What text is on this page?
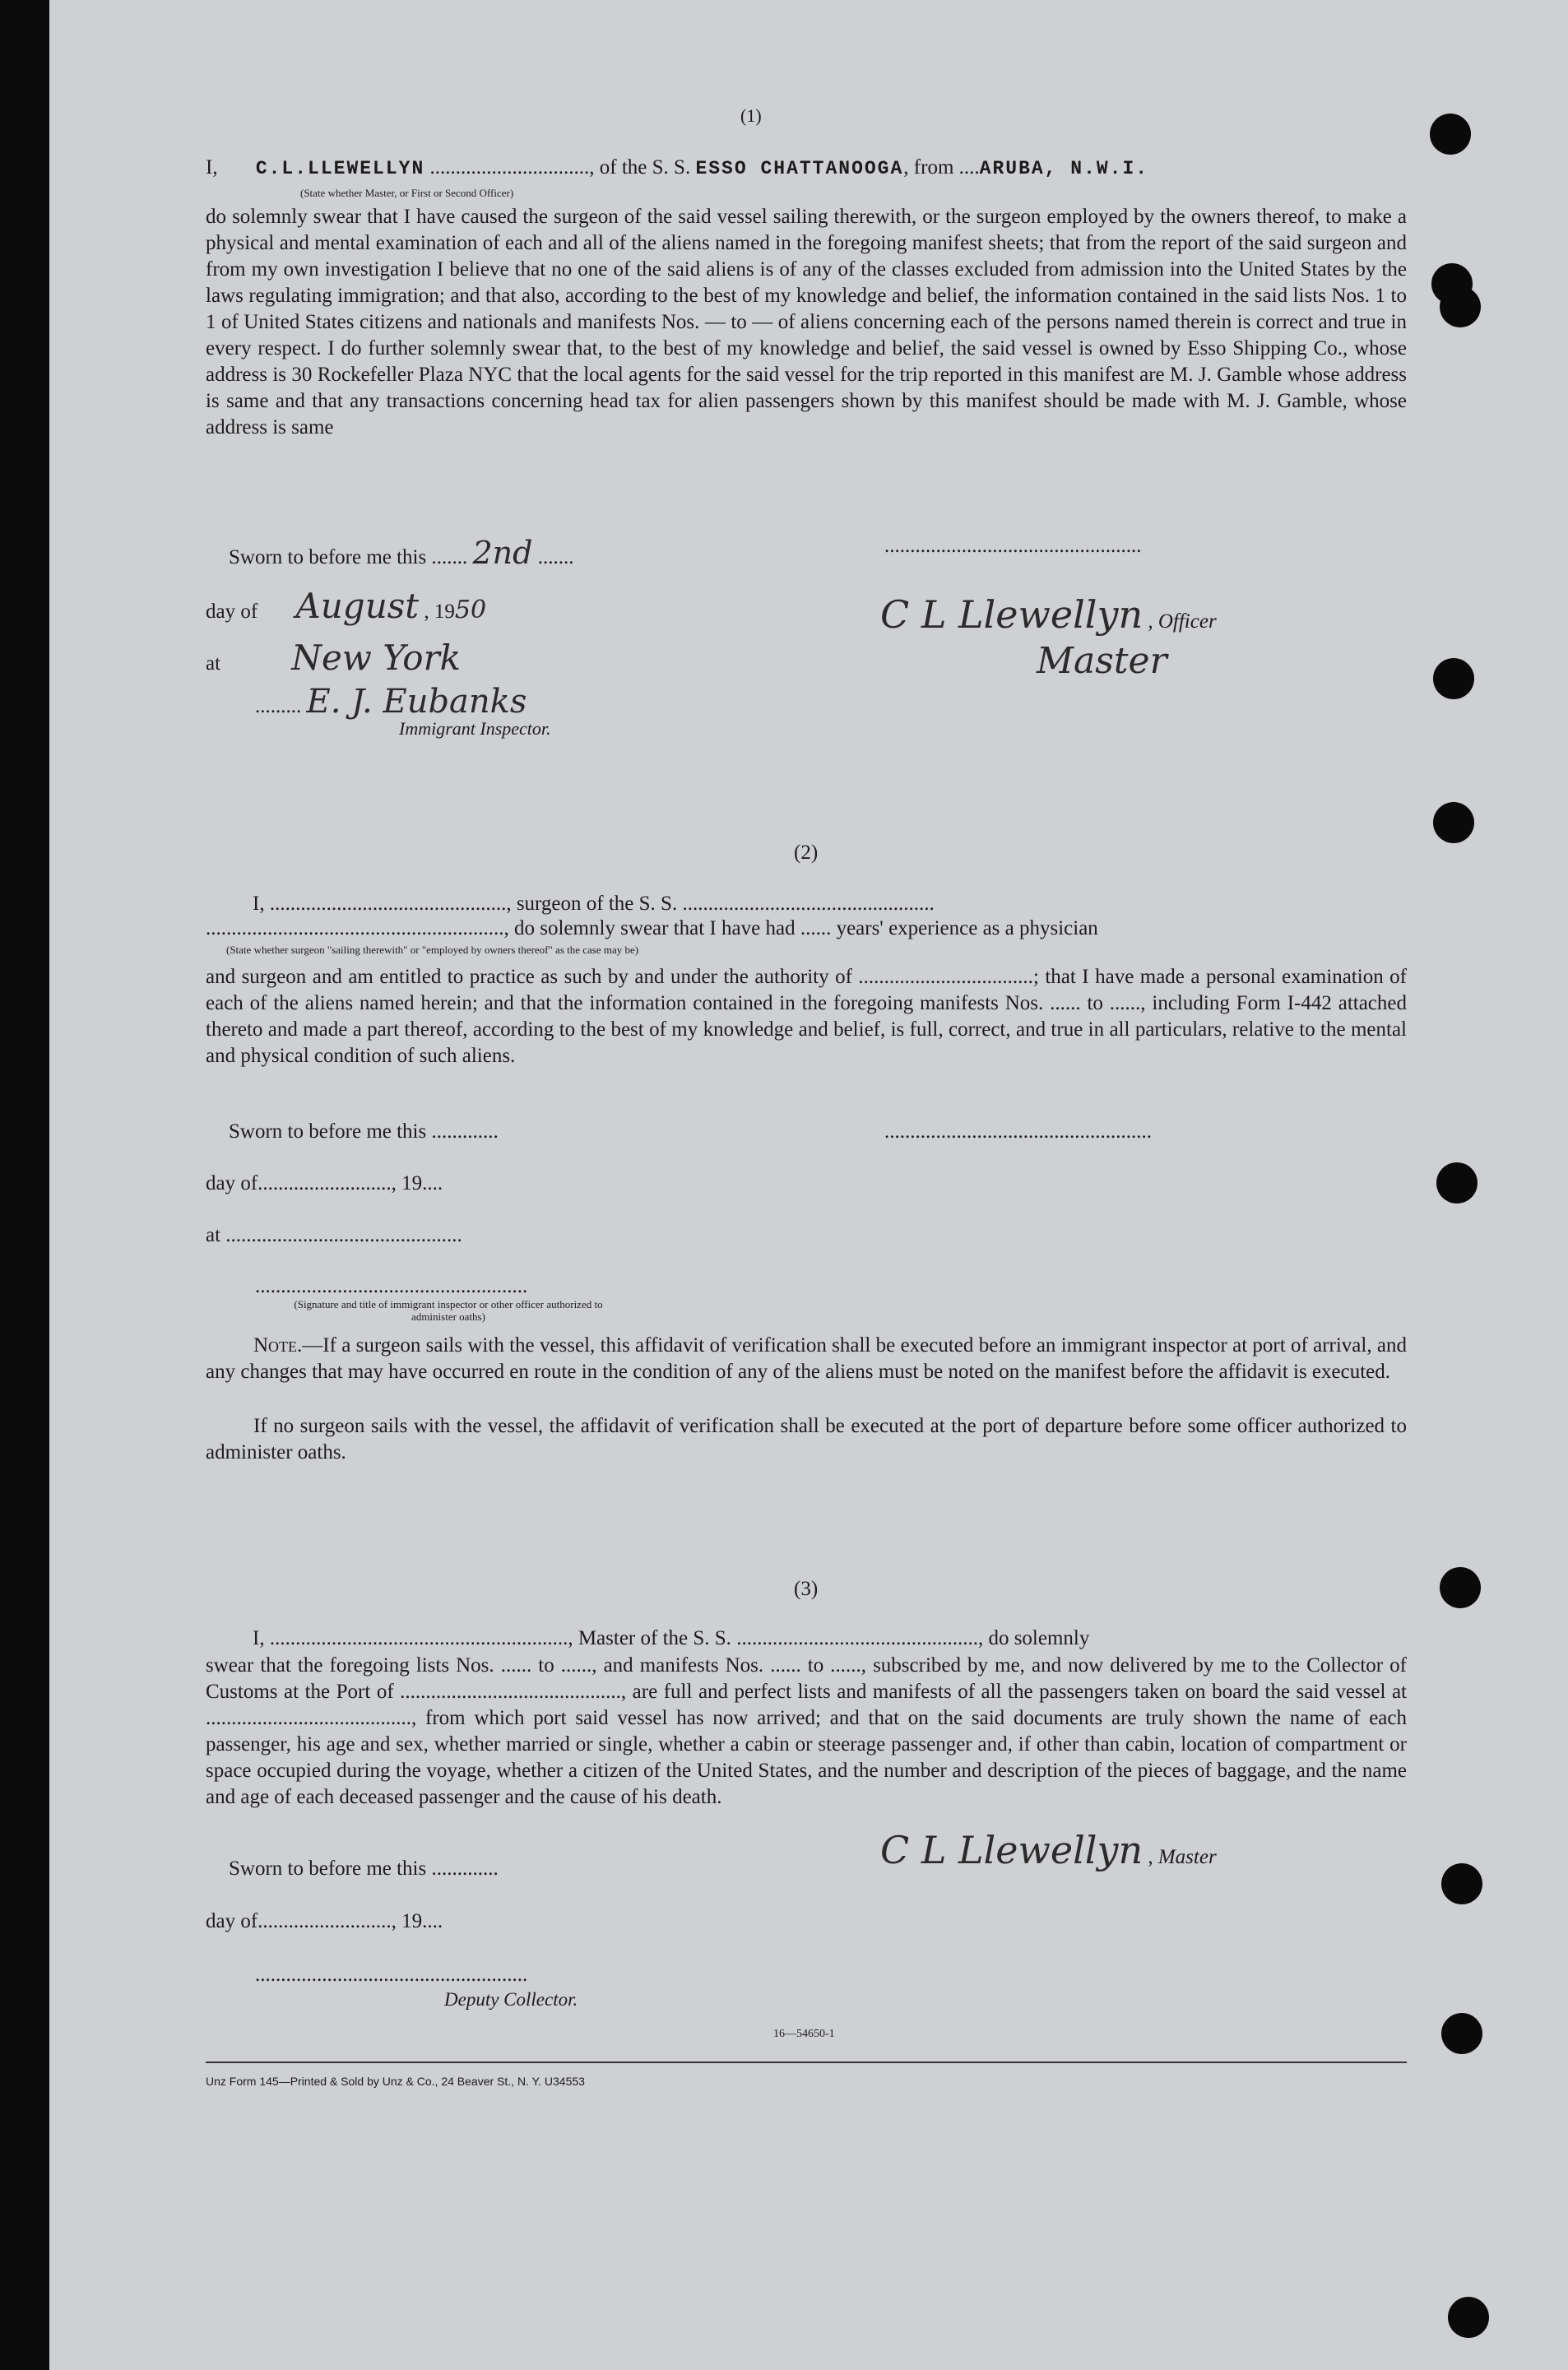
(1)
I, C.L.LLEWELLYN ..............................., of the S. S. ESSO CHATTANOOGA, from ....ARUBA, N.W.I.
(State whether Master, or First or Second Officer)

do solemnly swear that I have caused the surgeon of the said vessel sailing therewith, or the surgeon employed by the owners thereof, to make a physical and mental examination of each and all of the aliens named in the foregoing manifest sheets; that from the report of the said surgeon and from my own investigation I believe that no one of the said aliens is of any of the classes excluded from admission into the United States by the laws regulating immigration; and that also, according to the best of my knowledge and belief, the information contained in the said lists Nos. 1 to 1 of United States citizens and nationals and manifests Nos. — to — of aliens concerning each of the persons named therein is correct and true in every respect. I do further solemnly swear that, to the best of my knowledge and belief, the said vessel is owned by Esso Shipping Co., whose address is 30 Rockefeller Plaza NYC that the local agents for the said vessel for the trip reported in this manifest are M. J. Gamble whose address is same and that any transactions concerning head tax for alien passengers shown by this manifest should be made with M. J. Gamble, whose address is same

Sworn to before me this ....... 2nd .......
..................................................
day of August , 1950	C L Llewellyn , Officer
Master
at New York
......... E. J. Eubanks
Immigrant Inspector.
(2)
I, .............................................., surgeon of the S. S. .................................................
.........................................................., do solemnly swear that I have had ...... years' experience as a physician
(State whether surgeon "sailing therewith" or "employed by owners thereof" as the case may be)

and surgeon and am entitled to practice as such by and under the authority of ..................................; that I have made a personal examination of each of the aliens named herein; and that the information contained in the foregoing manifests Nos. ...... to ......, including Form I-442 attached thereto and made a part thereof, according to the best of my knowledge and belief, is full, correct, and true in all particulars, relative to the mental and physical condition of such aliens.

Sworn to before me this .............	....................................................
day of.........................., 19....
at ..............................................
.....................................................
(Signature and title of immigrant inspector or other officer authorized to administer oaths)

Note.—If a surgeon sails with the vessel, this affidavit of verification shall be executed before an immigrant inspector at port of arrival, and any changes that may have occurred en route in the condition of any of the aliens must be noted on the manifest before the affidavit is executed.

If no surgeon sails with the vessel, the affidavit of verification shall be executed at the port of departure before some officer authorized to administer oaths.

(3)
I, .........................................................., Master of the S. S. ..............................................., do solemnly

swear that the foregoing lists Nos. ...... to ......, and manifests Nos. ...... to ......, subscribed by me, and now delivered by me to the Collector of Customs at the Port of ..........................................., are full and perfect lists and manifests of all the passengers taken on board the said vessel at ........................................, from which port said vessel has now arrived; and that on the said documents are truly shown the name of each passenger, his age and sex, whether married or single, whether a cabin or steerage passenger and, if other than cabin, location of compartment or space occupied during the voyage, whether a citizen of the United States, and the number and description of the pieces of baggage, and the name and age of each deceased passenger and the cause of his death.

Sworn to before me this .............	C L Llewellyn , Master
day of.........................., 19....
.....................................................
Deputy Collector.
16—54650-1
Unz Form 145—Printed & Sold by Unz & Co., 24 Beaver St., N. Y. U34553
